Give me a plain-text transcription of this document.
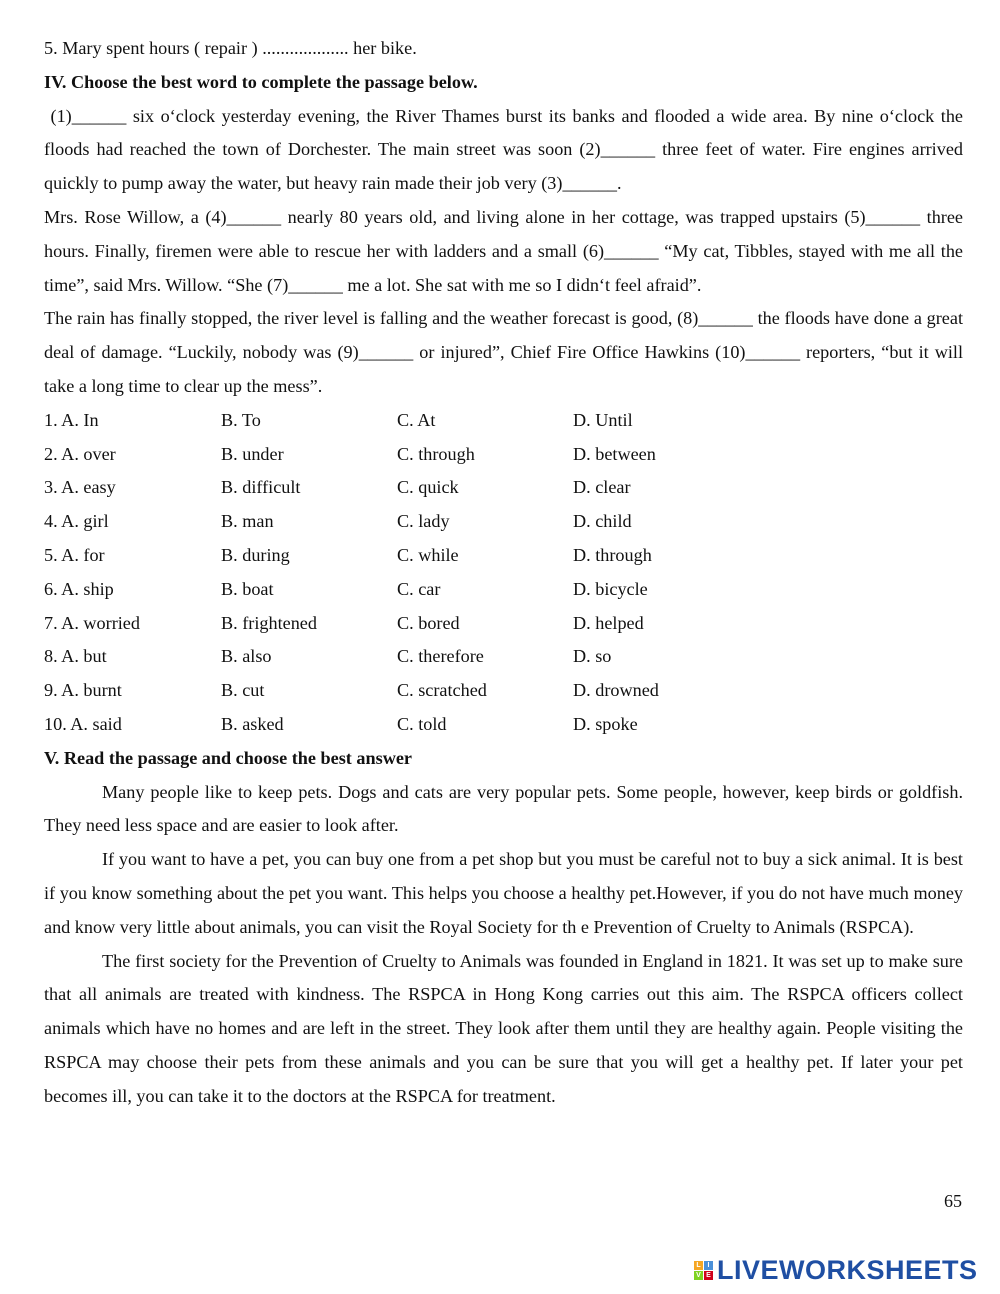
5. Mary spent hours ( repair ) ................... her bike.
IV. Choose the best word to complete the passage below.

(1)______ six o‘clock yesterday evening, the River Thames burst its banks and flooded a wide area. By nine o‘clock the floods had reached the town of Dorchester. The main street was soon (2)______ three feet of water. Fire engines arrived quickly to pump away the water, but heavy rain made their job very (3)______.

Mrs. Rose Willow, a (4)______ nearly 80 years old, and living alone in her cottage, was trapped upstairs (5)______ three hours. Finally, firemen were able to rescue her with ladders and a small (6)______ “My cat, Tibbles, stayed with me all the time”, said Mrs. Willow. “She (7)______ me a lot. She sat with me so I didn‘t feel afraid”.

The rain has finally stopped, the river level is falling and the weather forecast is good, (8)______ the floods have done a great deal of damage. “Luckily, nobody was (9)______ or injured”, Chief Fire Office Hawkins (10)______ reporters, “but it will take a long time to clear up the mess”.

1. A. In	B. To	C. At	D. Until
2. A. over	B. under	C. through	D. between
3. A. easy	B. difficult	C. quick	D. clear
4. A. girl	B. man	C. lady	D. child
5. A. for	B. during	C. while	D. through
6. A. ship	B. boat	C. car	D. bicycle
7. A. worried	B. frightened	C. bored	D. helped
8. A. but	B. also	C. therefore	D. so
9. A. burnt	B. cut	C. scratched	D. drowned
10. A. said	B. asked	C. told	D. spoke
V. Read the passage and choose the best answer

Many people like to keep pets. Dogs and cats are very popular pets. Some people, however, keep birds or goldfish. They need less space and are easier to look after.

If you want to have a pet, you can buy one from a pet shop but you must be careful not to buy a sick animal. It is best if you know something about the pet you want. This helps you choose a healthy pet.However, if you do not have much money and know very little about animals, you can visit the Royal Society for th e Prevention of Cruelty to Animals (RSPCA).

The first society for the Prevention of Cruelty to Animals was founded in England in 1821. It was set up to make sure that all animals are treated with kindness. The RSPCA in Hong Kong carries out this aim. The RSPCA officers collect animals which have no homes and are left in the street. They look after them until they are healthy again. People visiting the RSPCA may choose their pets from these animals and you can be sure that you will get a healthy pet. If later your pet becomes ill, you can take it to the doctors at the RSPCA for treatment.

65
L I
V E LIVEWORKSHEETS
